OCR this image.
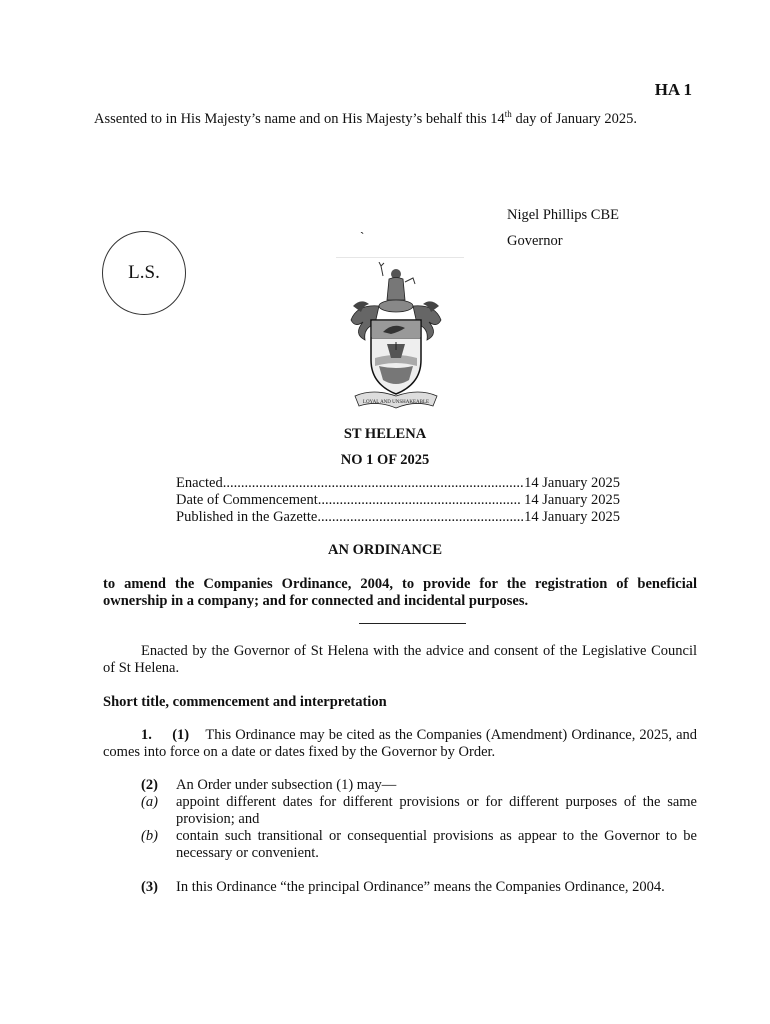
HA 1
Assented to in His Majesty’s name and on His Majesty’s behalf this 14th day of January 2025.
Nigel Phillips CBE
Governor
`
L.S.
LOYAL AND UNSHAKEABLE
ST HELENA
NO 1 OF 2025
Enacted .....	14 January 2025
Date of Commencement .....	14 January 2025
Published in the Gazette .....	14 January 2025
AN ORDINANCE
to amend the Companies Ordinance, 2004, to provide for the registration of beneficial ownership in a company; and for connected and incidental purposes.
Enacted by the Governor of St Helena with the advice and consent of the Legislative Council of St Helena.
Short title, commencement and interpretation
1. (1) This Ordinance may be cited as the Companies (Amendment) Ordinance, 2025, and comes into force on a date or dates fixed by the Governor by Order.
(2)	An Order under subsection (1) may—
(a)	appoint different dates for different provisions or for different purposes of the same provision; and
(b)	contain such transitional or consequential provisions as appear to the Governor to be necessary or convenient.
(3)	In this Ordinance “the principal Ordinance” means the Companies Ordinance, 2004.
